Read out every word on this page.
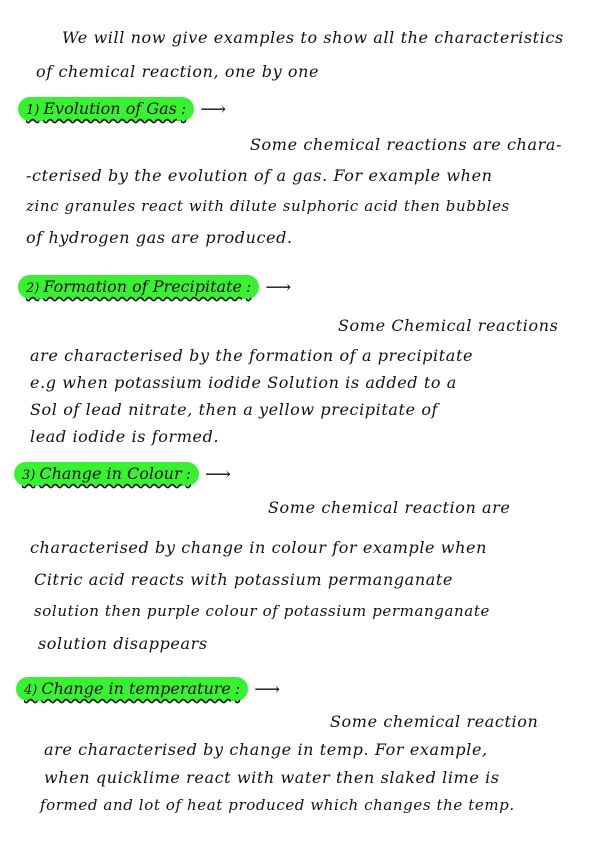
We will now give examples to show all the characteristics
of chemical reaction, one by one
1) Evolution of Gas : ⟶
Some chemical reactions are chara-
-cterised by the evolution of a gas. For example when
zinc granules react with dilute sulphoric acid then bubbles
of hydrogen gas are produced.
2) Formation of Precipitate : ⟶
Some Chemical reactions
are characterised by the formation of a precipitate
e.g when potassium iodide Solution is added to a
Sol of lead nitrate, then a yellow precipitate of
lead iodide is formed.
3) Change in Colour : ⟶
Some chemical reaction are
characterised by change in colour for example when
Citric acid reacts with potassium permanganate
solution then purple colour of potassium permanganate
solution disappears
4) Change in temperature : ⟶
Some chemical reaction
are characterised by change in temp. For example,
when quicklime react with water then slaked lime is
formed and lot of heat produced which changes the temp.
